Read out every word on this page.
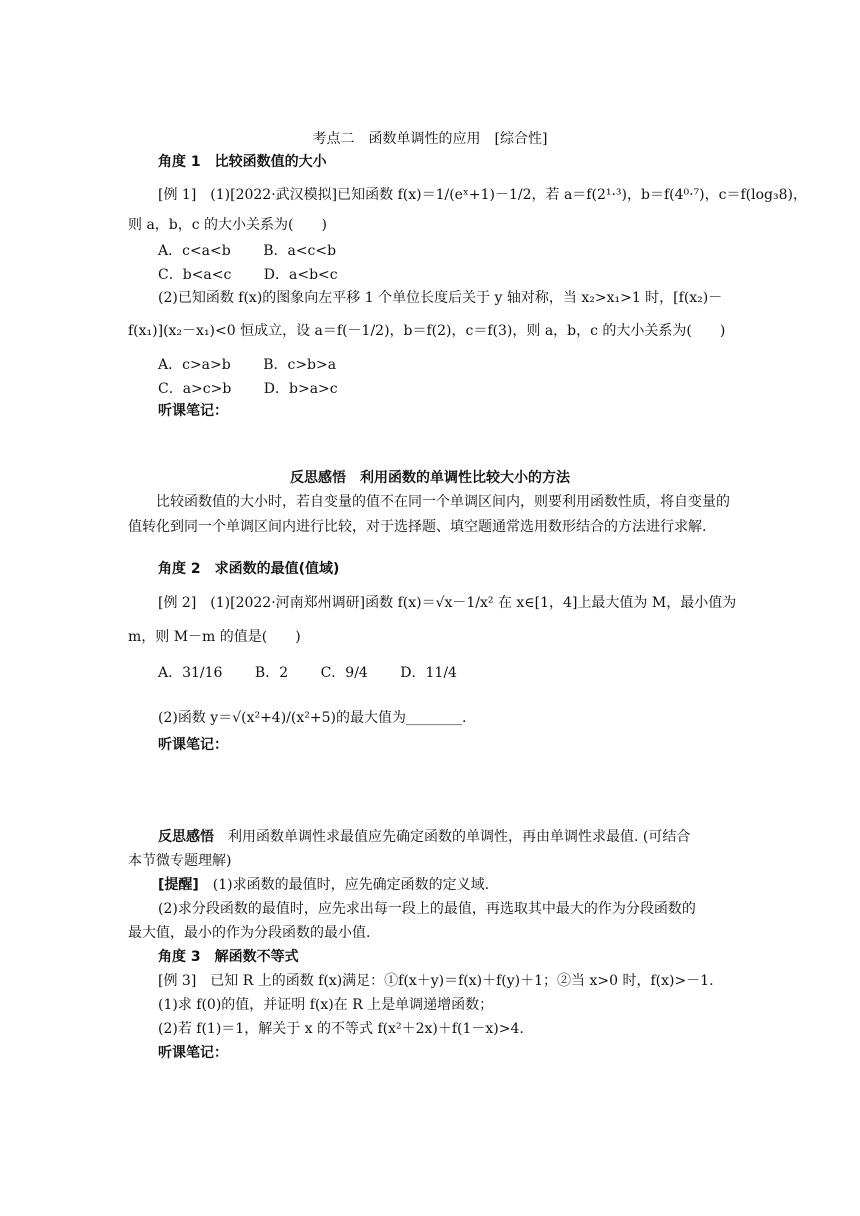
考点二　函数单调性的应用　[综合性]
角度 1　比较函数值的大小
[例 1]　(1)[2022·武汉模拟]已知函数 f(x)＝1/(eˣ+1)－1/2，若 a＝f(2¹·³)，b＝f(4⁰·⁷)，c＝f(log₃8)，
则 a，b，c 的大小关系为(　　)
A．c<a<b B．a<c<b
C．b<a<c D．a<b<c
(2)已知函数 f(x)的图象向左平移 1 个单位长度后关于 y 轴对称，当 x₂>x₁>1 时，[f(x₂)－
f(x₁)](x₂－x₁)<0 恒成立，设 a＝f(－1/2)，b＝f(2)，c＝f(3)，则 a，b，c 的大小关系为(　　)
A．c>a>b B．c>b>a
C．a>c>b D．b>a>c
听课笔记：
反思感悟　利用函数的单调性比较大小的方法
比较函数值的大小时，若自变量的值不在同一个单调区间内，则要利用函数性质，将自变量的值转化到同一个单调区间内进行比较，对于选择题、填空题通常选用数形结合的方法进行求解.
角度 2　求函数的最值(值域)
[例 2]　(1)[2022·河南郑州调研]函数 f(x)＝√x－1/x² 在 x∈[1，4]上最大值为 M，最小值为
m，则 M－m 的值是(　　)
A．31/16 B．2 C．9/4 D．11/4
(2)函数 y＝√(x²+4)/(x²+5)的最大值为________.
听课笔记：
反思感悟　利用函数单调性求最值应先确定函数的单调性，再由单调性求最值. (可结合
本节微专题理解)
[提醒]　(1)求函数的最值时，应先确定函数的定义域.
(2)求分段函数的最值时，应先求出每一段上的最值，再选取其中最大的作为分段函数的
最大值，最小的作为分段函数的最小值.
角度 3　解函数不等式
[例 3]　已知 R 上的函数 f(x)满足：①f(x＋y)＝f(x)＋f(y)＋1；②当 x>0 时，f(x)>－1.
(1)求 f(0)的值，并证明 f(x)在 R 上是单调递增函数；
(2)若 f(1)＝1，解关于 x 的不等式 f(x²＋2x)＋f(1－x)>4.
听课笔记：
